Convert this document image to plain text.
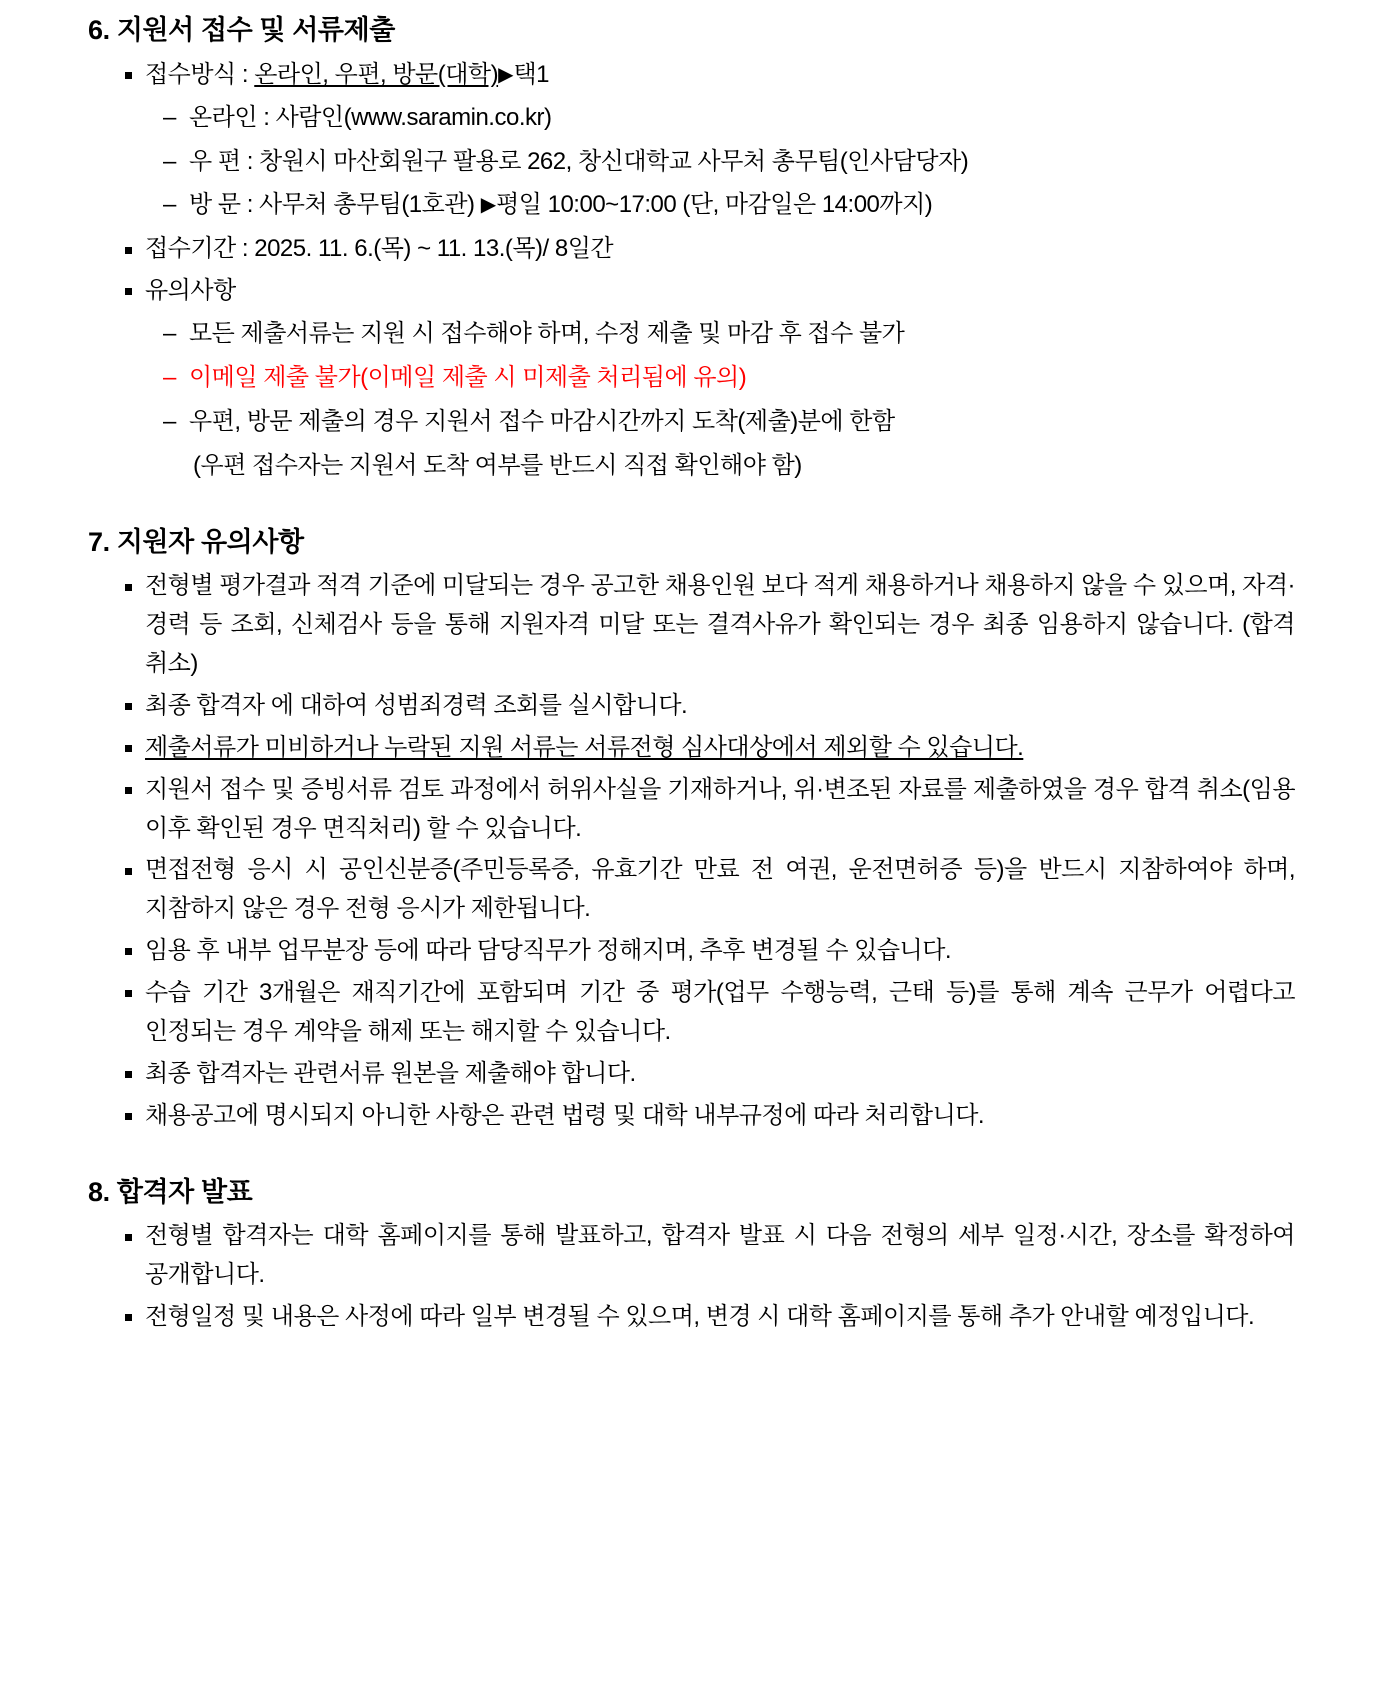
6. 지원서 접수 및 서류제출
접수방식 : 온라인, 우편, 방문(대학)▶택1
– 온라인 : 사람인(www.saramin.co.kr)
– 우 편 : 창원시 마산회원구 팔용로 262, 창신대학교 사무처 총무팀(인사담당자)
– 방 문 : 사무처 총무팀(1호관) ▶평일 10:00~17:00 (단, 마감일은 14:00까지)
접수기간 : 2025. 11. 6.(목) ~ 11. 13.(목)/ 8일간
유의사항
– 모든 제출서류는 지원 시 접수해야 하며, 수정 제출 및 마감 후 접수 불가
– 이메일 제출 불가(이메일 제출 시 미제출 처리됨에 유의)
– 우편, 방문 제출의 경우 지원서 접수 마감시간까지 도착(제출)분에 한함
(우편 접수자는 지원서 도착 여부를 반드시 직접 확인해야 함)
7. 지원자 유의사항
전형별 평가결과 적격 기준에 미달되는 경우 공고한 채용인원 보다 적게 채용하거나 채용하지 않을 수 있으며, 자격·경력 등 조회, 신체검사 등을 통해 지원자격 미달 또는 결격사유가 확인되는 경우 최종 임용하지 않습니다. (합격 취소)
최종 합격자 에 대하여 성범죄경력 조회를 실시합니다.
제출서류가 미비하거나 누락된 지원 서류는 서류전형 심사대상에서 제외할 수 있습니다.
지원서 접수 및 증빙서류 검토 과정에서 허위사실을 기재하거나, 위·변조된 자료를 제출하였을 경우 합격 취소(임용 이후 확인된 경우 면직처리) 할 수 있습니다.
면접전형 응시 시 공인신분증(주민등록증, 유효기간 만료 전 여권, 운전면허증 등)을 반드시 지참하여야 하며, 지참하지 않은 경우 전형 응시가 제한됩니다.
임용 후 내부 업무분장 등에 따라 담당직무가 정해지며, 추후 변경될 수 있습니다.
수습 기간 3개월은 재직기간에 포함되며 기간 중 평가(업무 수행능력, 근태 등)를 통해 계속 근무가 어렵다고 인정되는 경우 계약을 해제 또는 해지할 수 있습니다.
최종 합격자는 관련서류 원본을 제출해야 합니다.
채용공고에 명시되지 아니한 사항은 관련 법령 및 대학 내부규정에 따라 처리합니다.
8. 합격자 발표
전형별 합격자는 대학 홈페이지를 통해 발표하고, 합격자 발표 시 다음 전형의 세부 일정·시간, 장소를 확정하여 공개합니다.
전형일정 및 내용은 사정에 따라 일부 변경될 수 있으며, 변경 시 대학 홈페이지를 통해 추가 안내할 예정입니다.
